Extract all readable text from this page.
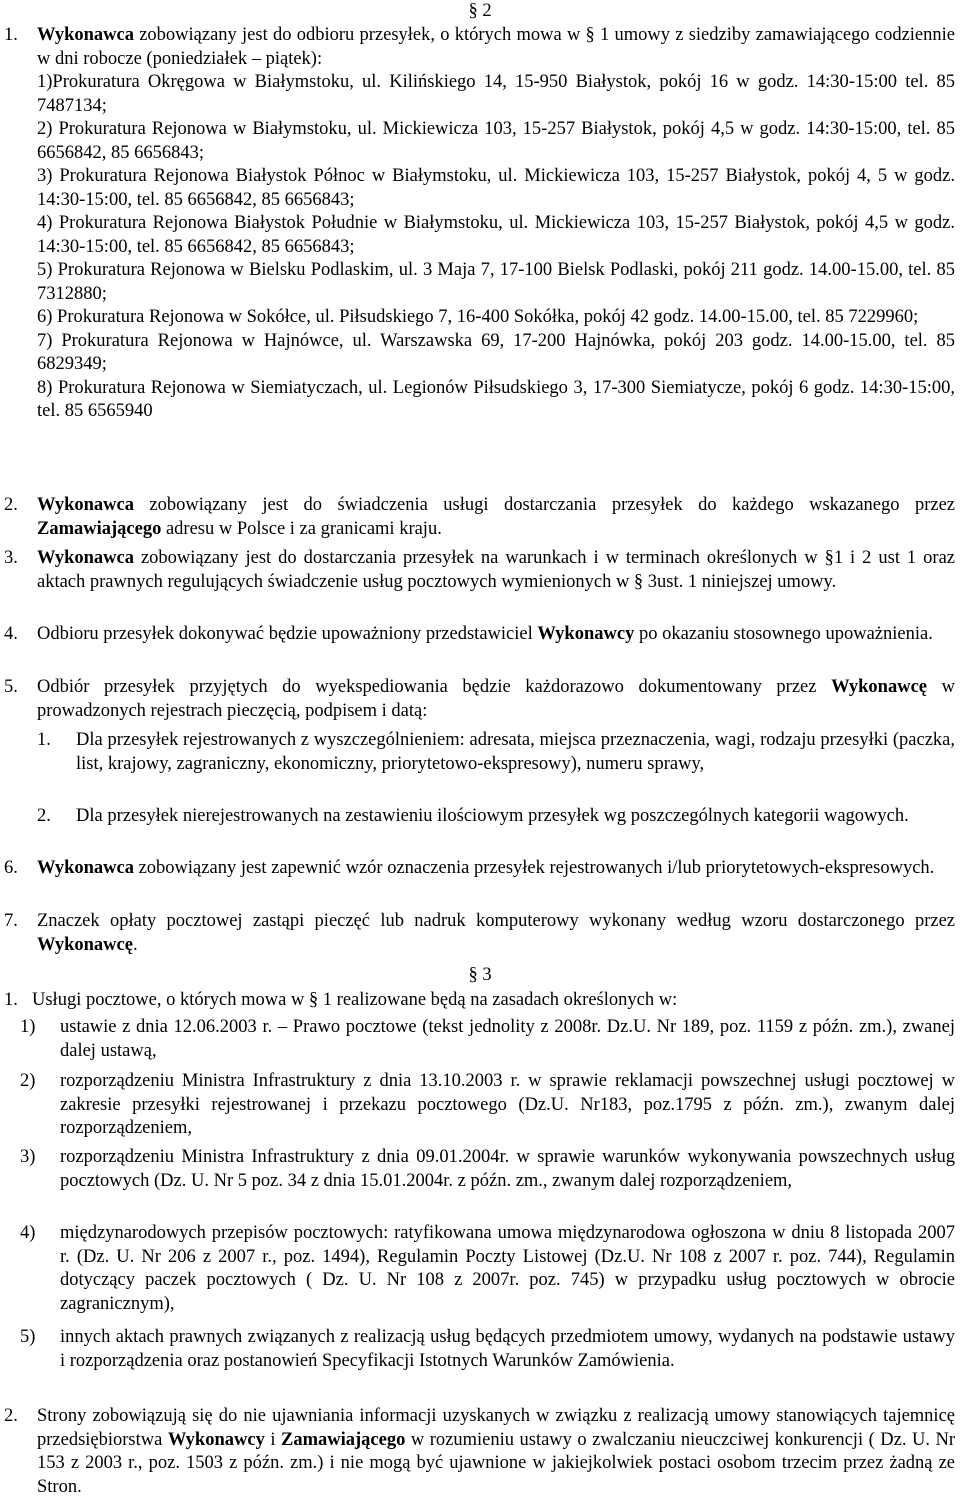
§ 2
1. Wykonawca zobowiązany jest do odbioru przesyłek, o których mowa w § 1 umowy z siedziby zamawiającego codziennie w dni robocze (poniedziałek – piątek):

1)Prokuratura Okręgowa w Białymstoku, ul. Kilińskiego 14, 15-950 Białystok, pokój 16 w godz. 14:30-15:00 tel. 85 7487134;

2) Prokuratura Rejonowa w Białymstoku, ul. Mickiewicza 103, 15-257 Białystok, pokój 4,5 w godz. 14:30-15:00, tel. 85 6656842, 85 6656843;

3) Prokuratura Rejonowa Białystok Północ w Białymstoku, ul. Mickiewicza 103, 15-257 Białystok, pokój 4, 5 w godz. 14:30-15:00, tel. 85 6656842, 85 6656843;

4) Prokuratura Rejonowa Białystok Południe w Białymstoku, ul. Mickiewicza 103, 15-257 Białystok, pokój 4,5 w godz. 14:30-15:00, tel. 85 6656842, 85 6656843;

5) Prokuratura Rejonowa w Bielsku Podlaskim, ul. 3 Maja 7, 17-100 Bielsk Podlaski, pokój 211 godz. 14.00-15.00, tel. 85 7312880;

6) Prokuratura Rejonowa w Sokółce, ul. Piłsudskiego 7, 16-400 Sokółka, pokój 42 godz. 14.00-15.00, tel. 85 7229960;

7) Prokuratura Rejonowa w Hajnówce, ul. Warszawska 69, 17-200 Hajnówka, pokój 203 godz. 14.00-15.00, tel. 85 6829349;

8) Prokuratura Rejonowa w Siemiatyczach, ul. Legionów Piłsudskiego 3, 17-300 Siemiatycze, pokój 6 godz. 14:30-15:00, tel. 85 6565940

2. Wykonawca zobowiązany jest do świadczenia usługi dostarczania przesyłek do każdego wskazanego przez Zamawiającego adresu w Polsce i za granicami kraju.
3. Wykonawca zobowiązany jest do dostarczania przesyłek na warunkach i w terminach określonych w §1 i 2 ust 1 oraz aktach prawnych regulujących świadczenie usług pocztowych wymienionych w § 3ust. 1 niniejszej umowy.
4. Odbioru przesyłek dokonywać będzie upoważniony przedstawiciel Wykonawcy po okazaniu stosownego upoważnienia.
5. Odbiór przesyłek przyjętych do wyekspediowania będzie każdorazowo dokumentowany przez Wykonawcę w prowadzonych rejestrach pieczęcią, podpisem i datą:
1. Dla przesyłek rejestrowanych z wyszczególnieniem: adresata, miejsca przeznaczenia, wagi, rodzaju przesyłki (paczka, list, krajowy, zagraniczny, ekonomiczny, priorytetowo-ekspresowy), numeru sprawy,
2. Dla przesyłek nierejestrowanych na zestawieniu ilościowym przesyłek wg poszczególnych kategorii wagowych.
6. Wykonawca zobowiązany jest zapewnić wzór oznaczenia przesyłek rejestrowanych i/lub priorytetowych-ekspresowych.
7. Znaczek opłaty pocztowej zastąpi pieczęć lub nadruk komputerowy wykonany według wzoru dostarczonego przez Wykonawcę.
§ 3
1. Usługi pocztowe, o których mowa w § 1 realizowane będą na zasadach określonych w:
1) ustawie z dnia 12.06.2003 r. – Prawo pocztowe (tekst jednolity z 2008r. Dz.U. Nr 189, poz. 1159 z późn. zm.), zwanej dalej ustawą,
2) rozporządzeniu Ministra Infrastruktury z dnia 13.10.2003 r. w sprawie reklamacji powszechnej usługi pocztowej w zakresie przesyłki rejestrowanej i przekazu pocztowego (Dz.U. Nr183, poz.1795 z późn. zm.), zwanym dalej rozporządzeniem,
3) rozporządzeniu Ministra Infrastruktury z dnia 09.01.2004r. w sprawie warunków wykonywania powszechnych usług pocztowych (Dz. U. Nr 5 poz. 34 z dnia 15.01.2004r. z późn. zm., zwanym dalej rozporządzeniem,
4) międzynarodowych przepisów pocztowych: ratyfikowana umowa międzynarodowa ogłoszona w dniu 8 listopada 2007 r. (Dz. U. Nr 206 z 2007 r., poz. 1494), Regulamin Poczty Listowej (Dz.U. Nr 108 z 2007 r. poz. 744), Regulamin dotyczący paczek pocztowych ( Dz. U. Nr 108 z 2007r. poz. 745) w przypadku usług pocztowych w obrocie zagranicznym),
5) innych aktach prawnych związanych z realizacją usług będących przedmiotem umowy, wydanych na podstawie ustawy i rozporządzenia oraz postanowień Specyfikacji Istotnych Warunków Zamówienia.
2. Strony zobowiązują się do nie ujawniania informacji uzyskanych w związku z realizacją umowy stanowiących tajemnicę przedsiębiorstwa Wykonawcy i Zamawiającego w rozumieniu ustawy o zwalczaniu nieuczciwej konkurencji ( Dz. U. Nr 153 z 2003 r., poz. 1503 z późn. zm.) i nie mogą być ujawnione w jakiejkolwiek postaci osobom trzecim przez żadną ze Stron.
